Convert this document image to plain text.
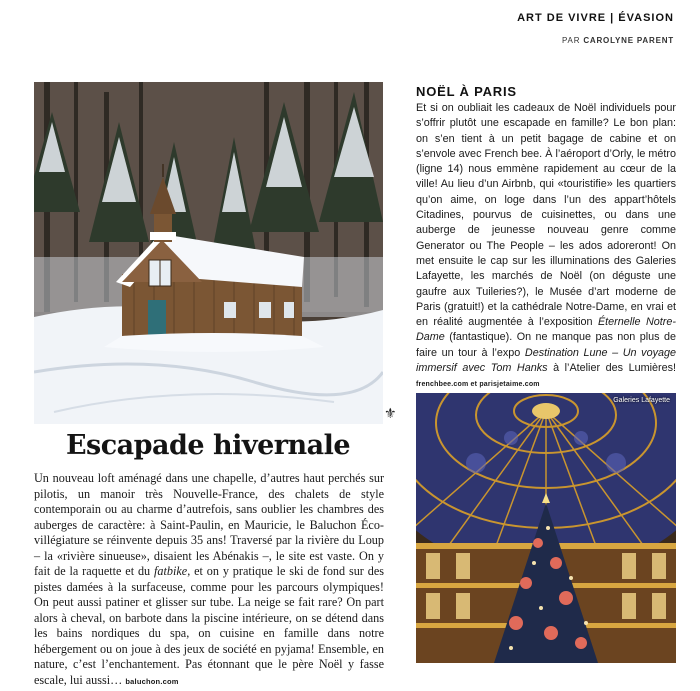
ART DE VIVRE | ÉVASION
PAR CAROLYNE PARENT
⚜
Escapade hivernale
Un nouveau loft aménagé dans une chapelle, d’autres haut perchés sur pilotis, un manoir très Nouvelle-France, des chalets de style contemporain ou au charme d’autrefois, sans oublier les chambres des auberges de caractère: à Saint-Paulin, en Mauricie, le Baluchon Éco-villégiature se réinvente depuis 35 ans! Traversé par la rivière du Loup – la «rivière sinueuse», disaient les Abénakis –, le site est vaste. On y fait de la raquette et du fatbike, et on y pratique le ski de fond sur des pistes damées à la surfaceuse, comme pour les parcours olympiques! On peut aussi patiner et glisser sur tube. La neige se fait rare? On part alors à cheval, on barbote dans la piscine intérieure, on se détend dans les bains nordiques du spa, on cuisine en famille dans notre hébergement ou on joue à des jeux de société en pyjama! Ensemble, en nature, c’est l’enchantement. Pas étonnant que le père Noël y fasse escale, lui aussi… baluchon.com
NOËL À PARIS
Et si on oubliait les cadeaux de Noël individuels pour s’offrir plutôt une escapade en famille? Le bon plan: on s’en tient à un petit bagage de cabine et on s’envole avec French bee. À l’aéroport d’Orly, le métro (ligne 14) nous emmène rapidement au cœur de la ville! Au lieu d’un Airbnb, qui «touristifie» les quartiers qu’on aime, on loge dans l’un des appart’hôtels Citadines, pourvus de cuisinettes, ou dans une auberge de jeunesse nouveau genre comme Generator ou The People – les ados adoreront! On met ensuite le cap sur les illuminations des Galeries Lafayette, les marchés de Noël (on déguste une gaufre aux Tuileries?), le Musée d’art moderne de Paris (gratuit!) et la cathédrale Notre-Dame, en vrai et en réalité augmentée à l’exposition Éternelle Notre-Dame (fantastique). On ne manque pas non plus de faire un tour à l’expo Destination Lune – Un voyage immersif avec Tom Hanks à l’Atelier des Lumières! frenchbee.com et parisjetaime.com
Galeries Lafayette
